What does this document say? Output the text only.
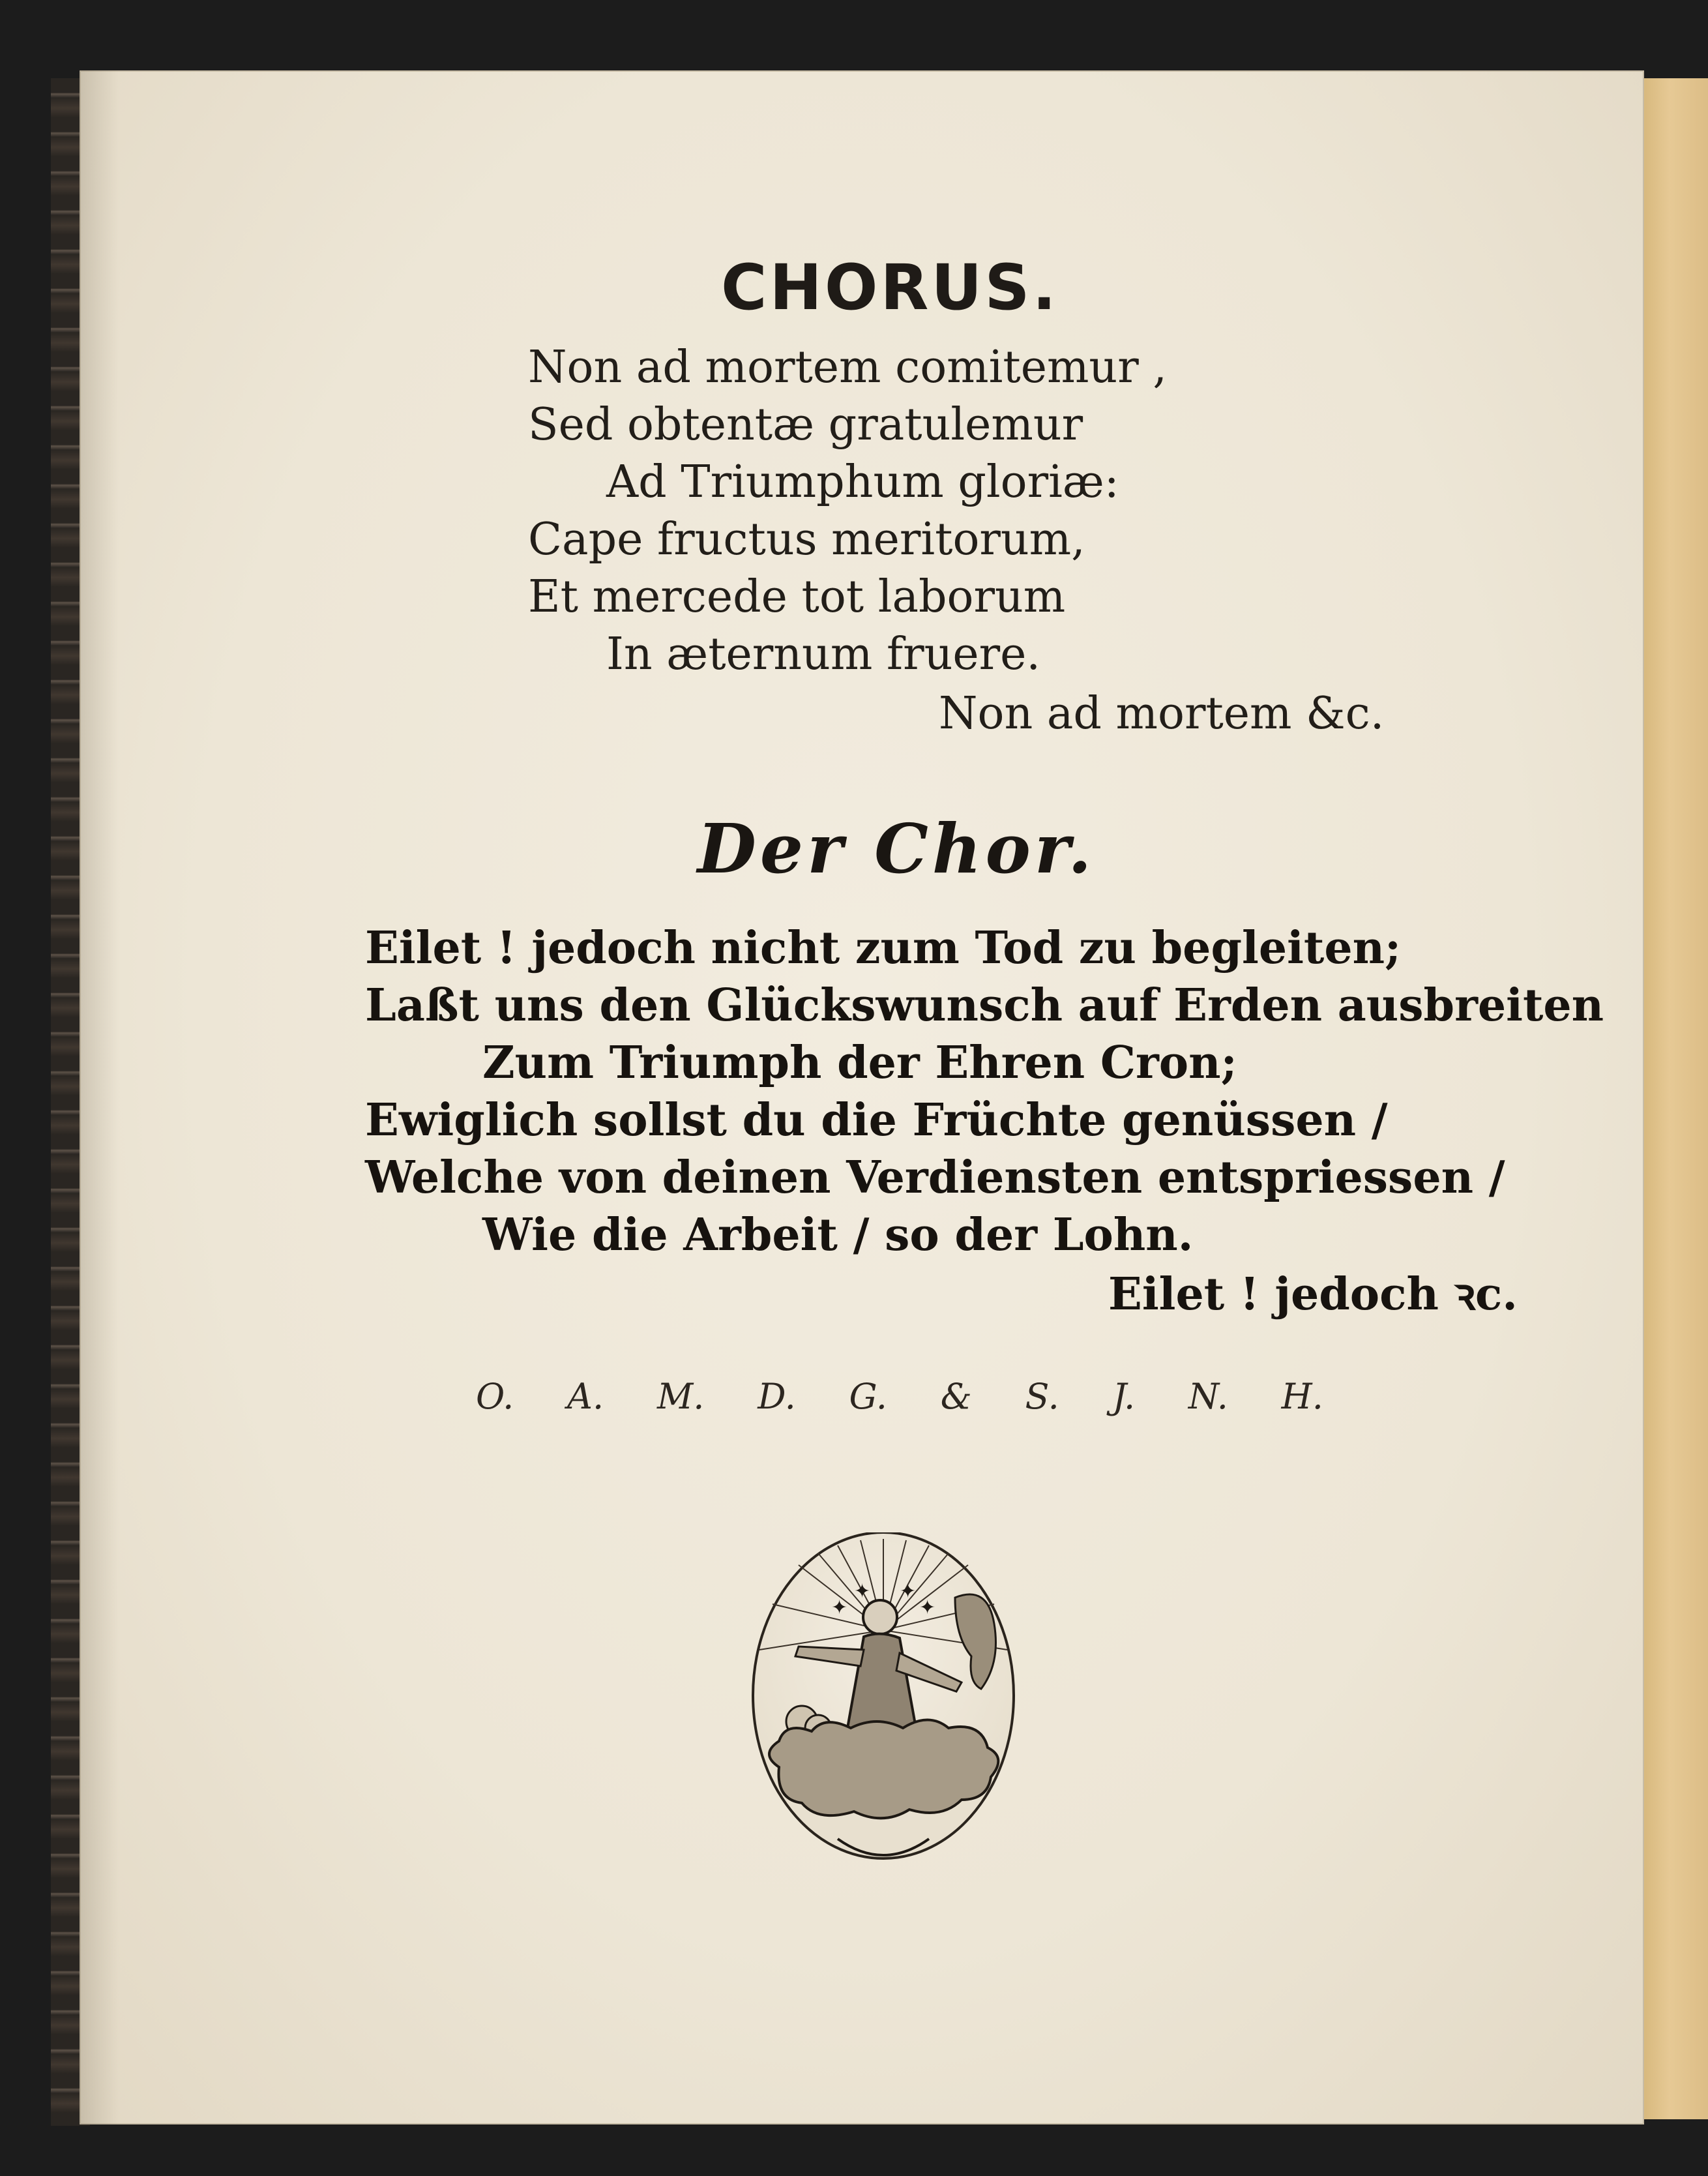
CHORUS.
Non ad mortem comitemur ,
Sed obtentæ gratulemur
Ad Triumphum gloriæ:
Cape fructus meritorum,
Et mercede tot laborum
In æternum fruere.
Non ad mortem &c.
Der Chor.
Eilet ! jedoch nicht zum Tod zu begleiten;
Laßt uns den Glückswunsch auf Erden ausbreiten
Zum Triumph der Ehren Cron;
Ewiglich sollst du die Früchte genüssen /
Welche von deinen Verdiensten entspriessen /
Wie die Arbeit / so der Lohn.
Eilet ! jedoch ꝛc.
O. A. M. D. G. & S. J. N. H.
✦
✦ ✦
✦
